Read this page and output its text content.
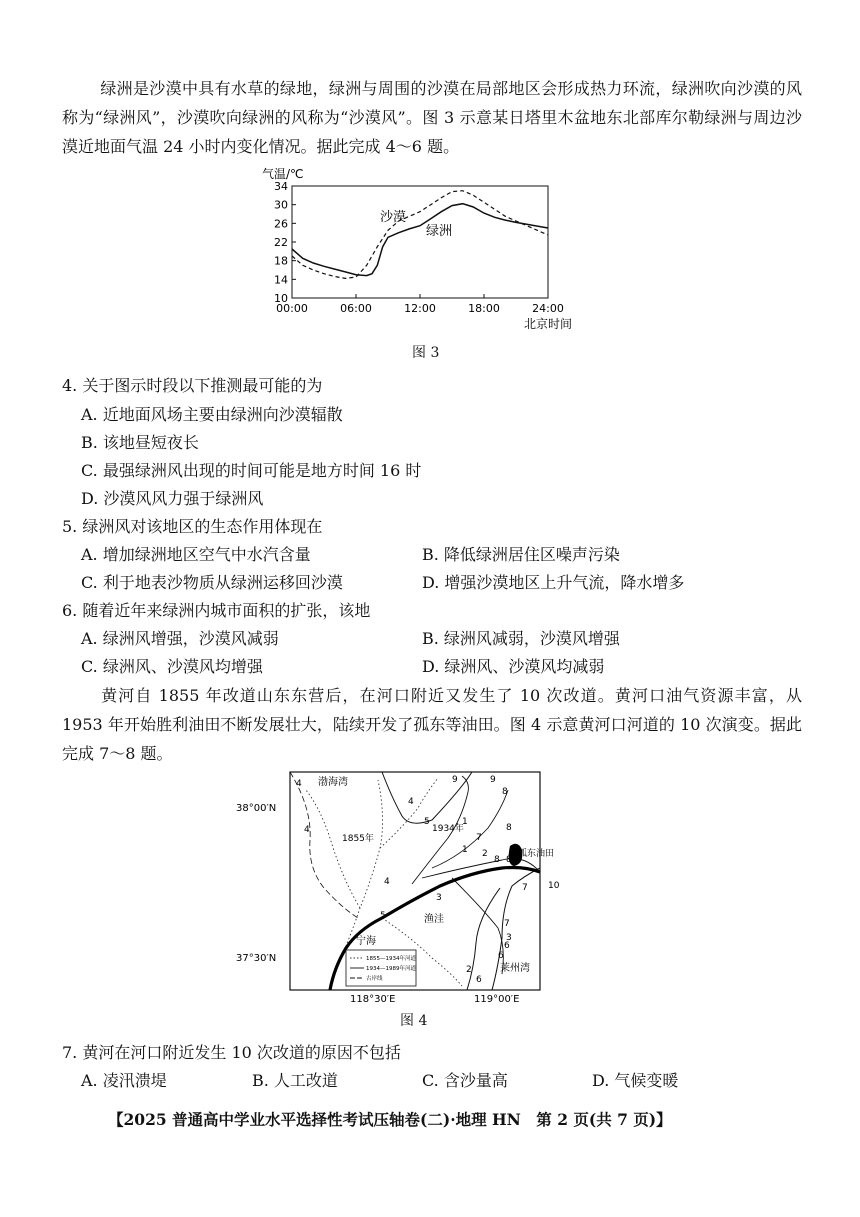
绿洲是沙漠中具有水草的绿地，绿洲与周围的沙漠在局部地区会形成热力环流，绿洲吹向沙漠的风称为“绿洲风”，沙漠吹向绿洲的风称为“沙漠风”。图 3 示意某日塔里木盆地东北部库尔勒绿洲与周边沙漠近地面气温 24 小时内变化情况。据此完成 4～6 题。
10
14
18
22
26
30
34
00:00	06:00	12:00	18:00	24:00
气温/℃
北京时间
沙漠
绿洲
图 3
4. 关于图示时段以下推测最可能的为
A. 近地面风场主要由绿洲向沙漠辐散
B. 该地昼短夜长
C. 最强绿洲风出现的时间可能是地方时间 16 时
D. 沙漠风风力强于绿洲风
5. 绿洲风对该地区的生态作用体现在
A. 增加绿洲地区空气中水汽含量	B. 降低绿洲居住区噪声污染
C. 利于地表沙物质从绿洲运移回沙漠	D. 增强沙漠地区上升气流，降水增多
6. 随着近年来绿洲内城市面积的扩张，该地
A. 绿洲风增强，沙漠风减弱	B. 绿洲风减弱，沙漠风增强
C. 绿洲风、沙漠风均增强	D. 绿洲风、沙漠风均减弱
黄河自 1855 年改道山东东营后，在河口附近又发生了 10 次改道。黄河口油气资源丰富，从 1953 年开始胜利油田不断发展壮大，陆续开发了孤东等油田。图 4 示意黄河口河道的 10 次演变。据此完成 7～8 题。
渤海湾
孤东油田
1855年
1934年
渔洼
宁海
莱州湾
38°00′N
37°30′N
118°30′E	119°00′E
4
4
9	9
8
8
8
4
5	1
7
1 2
8
7 10
3
5
7
3
6
2
6
6
4
1855—1934年河道
1934—1989年河道
古岸线
图 4
7. 黄河在河口附近发生 10 次改道的原因不包括
A. 凌汛溃堤	B. 人工改道	C. 含沙量高	D. 气候变暖
【2025 普通高中学业水平选择性考试压轴卷(二)·地理 HN　第 2 页(共 7 页)】
